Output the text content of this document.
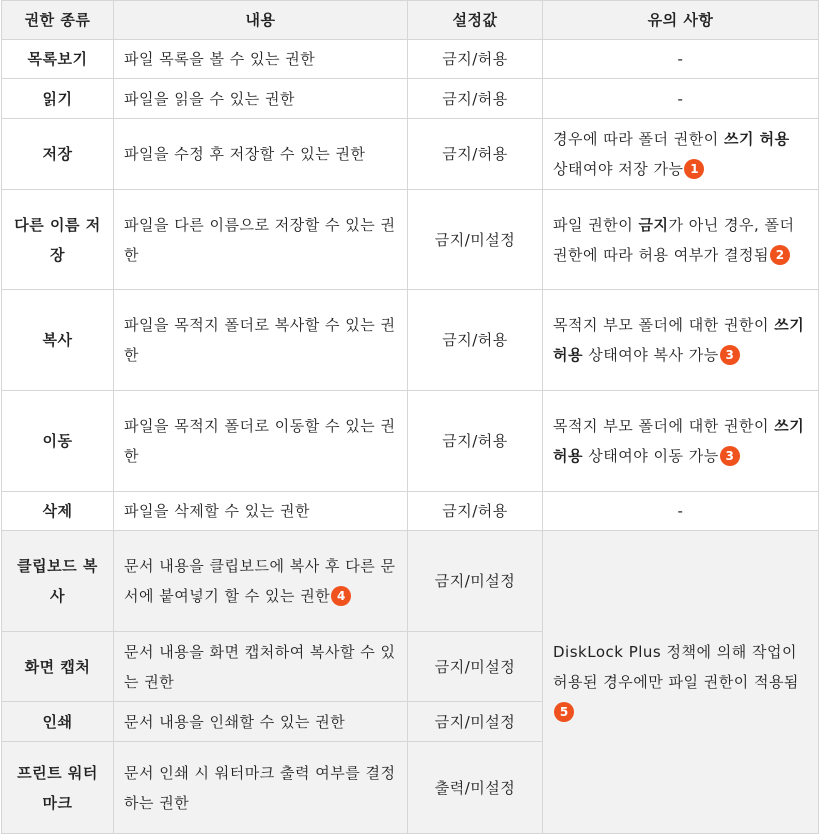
권한 종류	내용	설정값	유의 사항
목록보기	파일 목록을 볼 수 있는 권한	금지/허용	-
읽기	파일을 읽을 수 있는 권한	금지/허용	-
저장	파일을 수정 후 저장할 수 있는 권한	금지/허용	경우에 따라 폴더 권한이 쓰기 허용 상태여야 저장 가능 1
다른 이름 저장	파일을 다른 이름으로 저장할 수 있는 권한	금지/미설정	파일 권한이 금지가 아닌 경우, 폴더 권한에 따라 허용 여부가 결정됨 2
복사	파일을 목적지 폴더로 복사할 수 있는 권한	금지/허용	목적지 부모 폴더에 대한 권한이 쓰기 허용 상태여야 복사 가능 3
이동	파일을 목적지 폴더로 이동할 수 있는 권한	금지/허용	목적지 부모 폴더에 대한 권한이 쓰기 허용 상태여야 이동 가능 3
삭제	파일을 삭제할 수 있는 권한	금지/허용	-
클립보드 복사	문서 내용을 클립보드에 복사 후 다른 문서에 붙여넣기 할 수 있는 권한 4	금지/미설정	DiskLock Plus 정책에 의해 작업이 허용된 경우에만 파일 권한이 적용됨5
화면 캡처	문서 내용을 화면 캡처하여 복사할 수 있는 권한	금지/미설정	
인쇄	문서 내용을 인쇄할 수 있는 권한	금지/미설정	
프린트 워터마크	문서 인쇄 시 워터마크 출력 여부를 결정하는 권한	출력/미설정	
